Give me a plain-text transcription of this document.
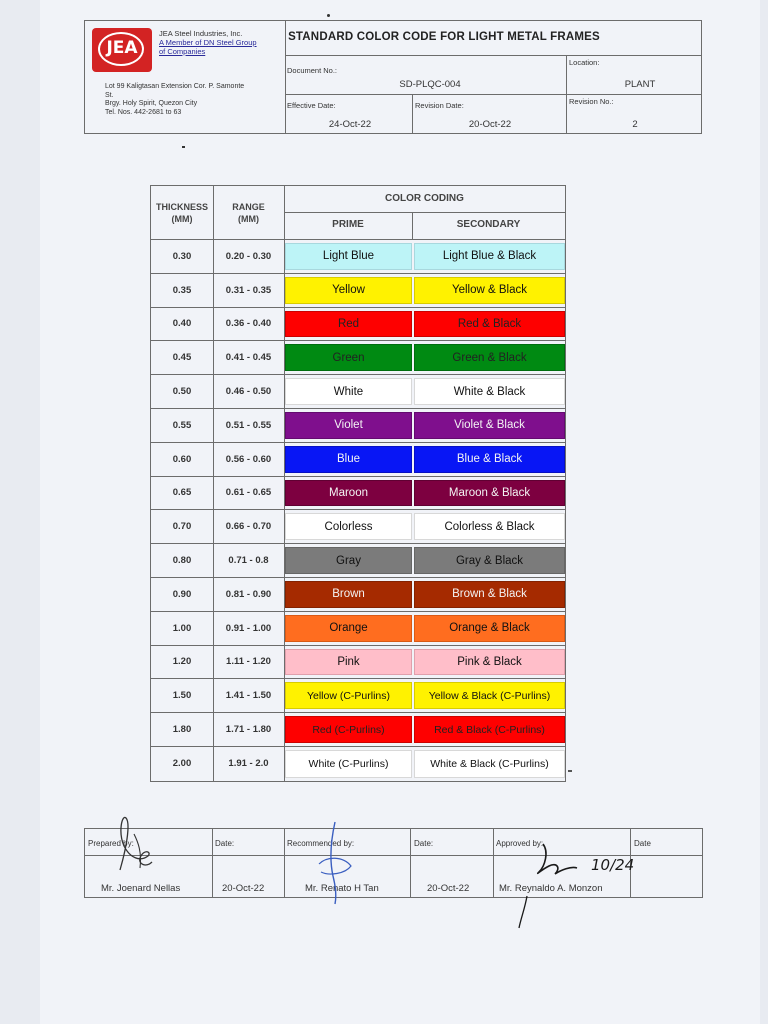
JEA
JEA Steel Industries, Inc.

A Member of DN Steel Group
of Companies
Lot 99 Kaligtasan Extension Cor. P. Samonte
St.
Brgy. Holy Spirit, Quezon City
Tel. Nos. 442-2681 to 63
STANDARD COLOR CODE FOR LIGHT METAL FRAMES
Document No.:
SD-PLQC-004
Location:
PLANT
Effective Date:
24-Oct-22
Revision Date:
20-Oct-22
Revision No.:
2
THICKNESS
(MM)
RANGE
(MM)
COLOR CODING
PRIME	SECONDARY
0.30	0.20 - 0.30	Light Blue	Light Blue & Black
0.35	0.31 - 0.35	Yellow	Yellow & Black
0.40	0.36 - 0.40	Red	Red & Black
0.45	0.41 - 0.45	Green	Green & Black
0.50	0.46 - 0.50	White	White & Black
0.55	0.51 - 0.55	Violet	Violet & Black
0.60	0.56 - 0.60	Blue	Blue & Black
0.65	0.61 - 0.65	Maroon	Maroon & Black
0.70	0.66 - 0.70	Colorless	Colorless & Black
0.80	0.71 - 0.8	Gray	Gray & Black
0.90	0.81 - 0.90	Brown	Brown & Black
1.00	0.91 - 1.00	Orange	Orange & Black
1.20	1.11 - 1.20	Pink	Pink & Black
1.50	1.41 - 1.50	Yellow (C-Purlins)	Yellow & Black (C-Purlins)
1.80	1.71 - 1.80	Red (C-Purlins)	Red & Black (C-Purlins)
2.00	1.91 - 2.0	White (C-Purlins)	White & Black (C-Purlins)
Prepared by:	Date:	Recommended by:	Date:	Approved by:	Date
Mr. Joenard Nellas	20-Oct-22	Mr. Renato H Tan	20-Oct-22	Mr. Reynaldo A. Monzon
10/24
